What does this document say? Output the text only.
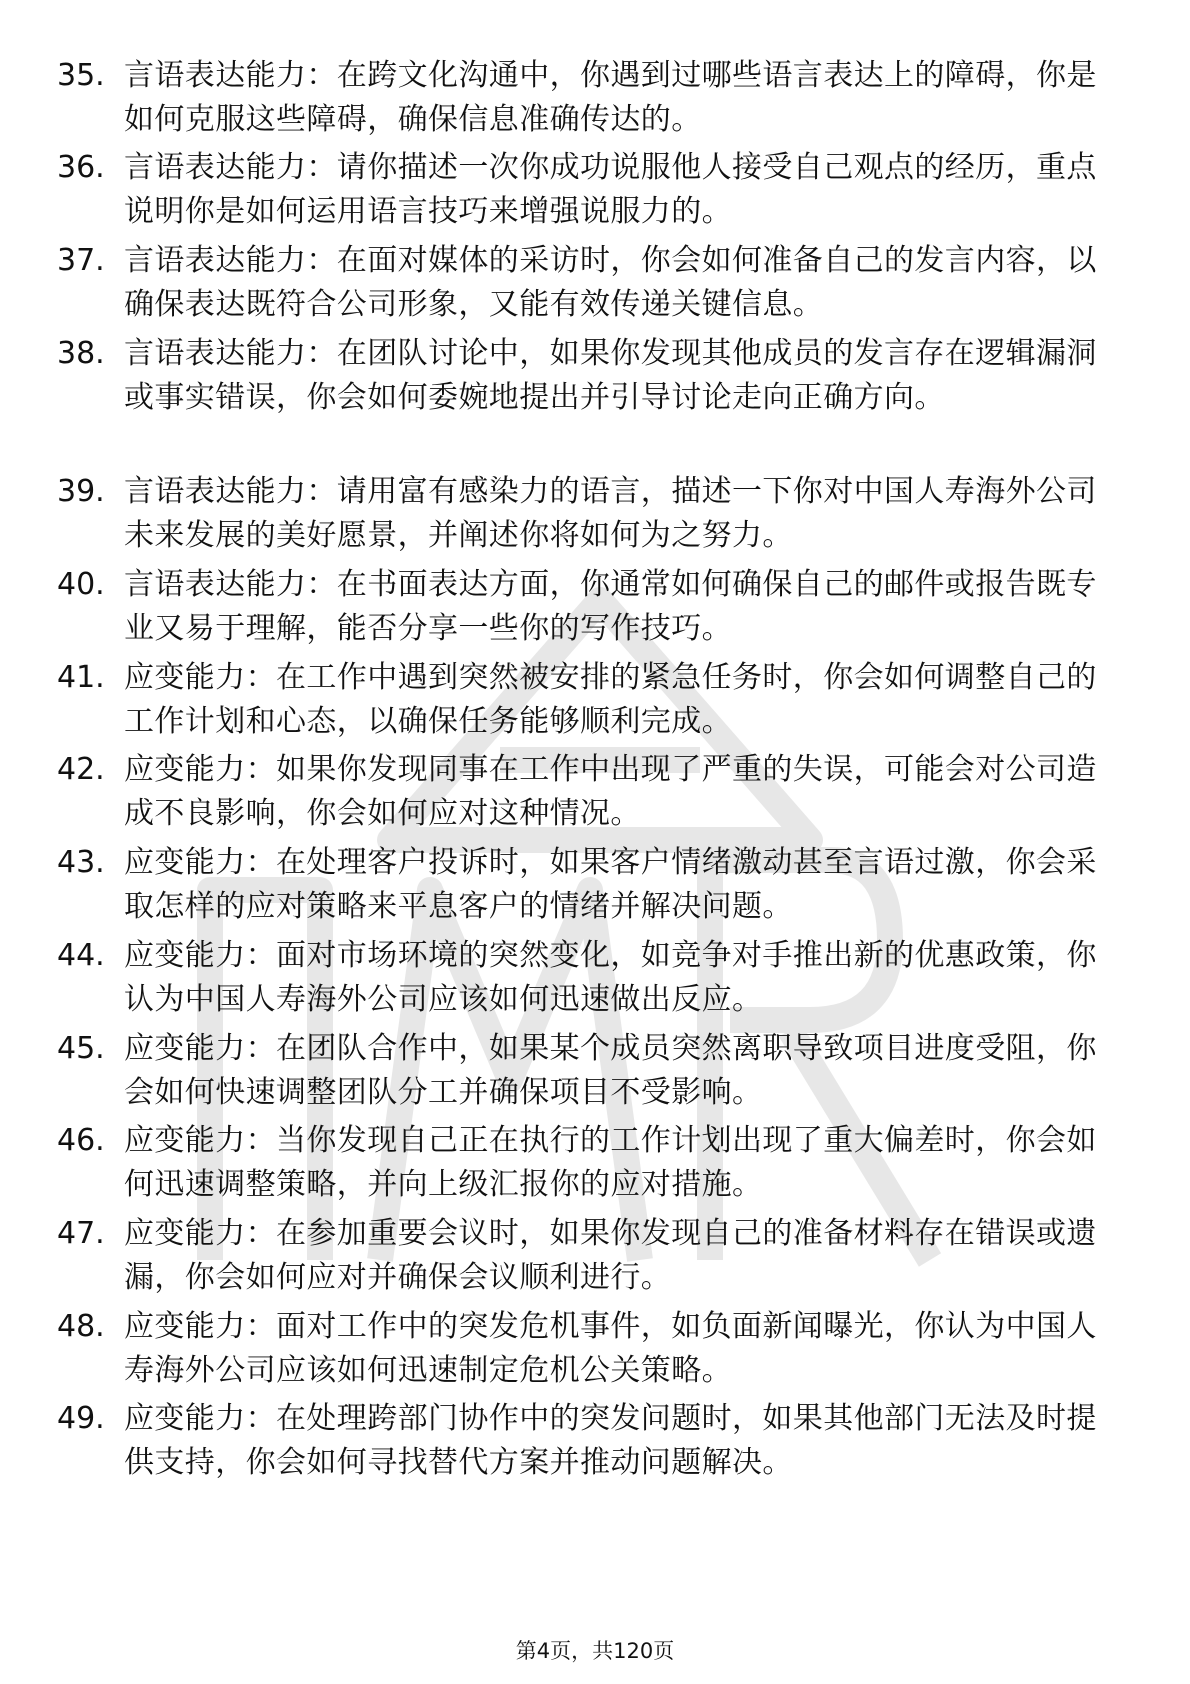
35. 言语表达能力：在跨文化沟通中，你遇到过哪些语言表达上的障碍，你是如何克服这些障碍，确保信息准确传达的。
36. 言语表达能力：请你描述一次你成功说服他人接受自己观点的经历，重点说明你是如何运用语言技巧来增强说服力的。
37. 言语表达能力：在面对媒体的采访时，你会如何准备自己的发言内容，以确保表达既符合公司形象，又能有效传递关键信息。
38. 言语表达能力：在团队讨论中，如果你发现其他成员的发言存在逻辑漏洞或事实错误，你会如何委婉地提出并引导讨论走向正确方向。
39. 言语表达能力：请用富有感染力的语言，描述一下你对中国人寿海外公司未来发展的美好愿景，并阐述你将如何为之努力。
40. 言语表达能力：在书面表达方面，你通常如何确保自己的邮件或报告既专业又易于理解，能否分享一些你的写作技巧。
41. 应变能力：在工作中遇到突然被安排的紧急任务时，你会如何调整自己的工作计划和心态，以确保任务能够顺利完成。
42. 应变能力：如果你发现同事在工作中出现了严重的失误，可能会对公司造成不良影响，你会如何应对这种情况。
43. 应变能力：在处理客户投诉时，如果客户情绪激动甚至言语过激，你会采取怎样的应对策略来平息客户的情绪并解决问题。
44. 应变能力：面对市场环境的突然变化，如竞争对手推出新的优惠政策，你认为中国人寿海外公司应该如何迅速做出反应。
45. 应变能力：在团队合作中，如果某个成员突然离职导致项目进度受阻，你会如何快速调整团队分工并确保项目不受影响。
46. 应变能力：当你发现自己正在执行的工作计划出现了重大偏差时，你会如何迅速调整策略，并向上级汇报你的应对措施。
47. 应变能力：在参加重要会议时，如果你发现自己的准备材料存在错误或遗漏，你会如何应对并确保会议顺利进行。
48. 应变能力：面对工作中的突发危机事件，如负面新闻曝光，你认为中国人寿海外公司应该如何迅速制定危机公关策略。
49. 应变能力：在处理跨部门协作中的突发问题时，如果其他部门无法及时提供支持，你会如何寻找替代方案并推动问题解决。
第4页，共120页
